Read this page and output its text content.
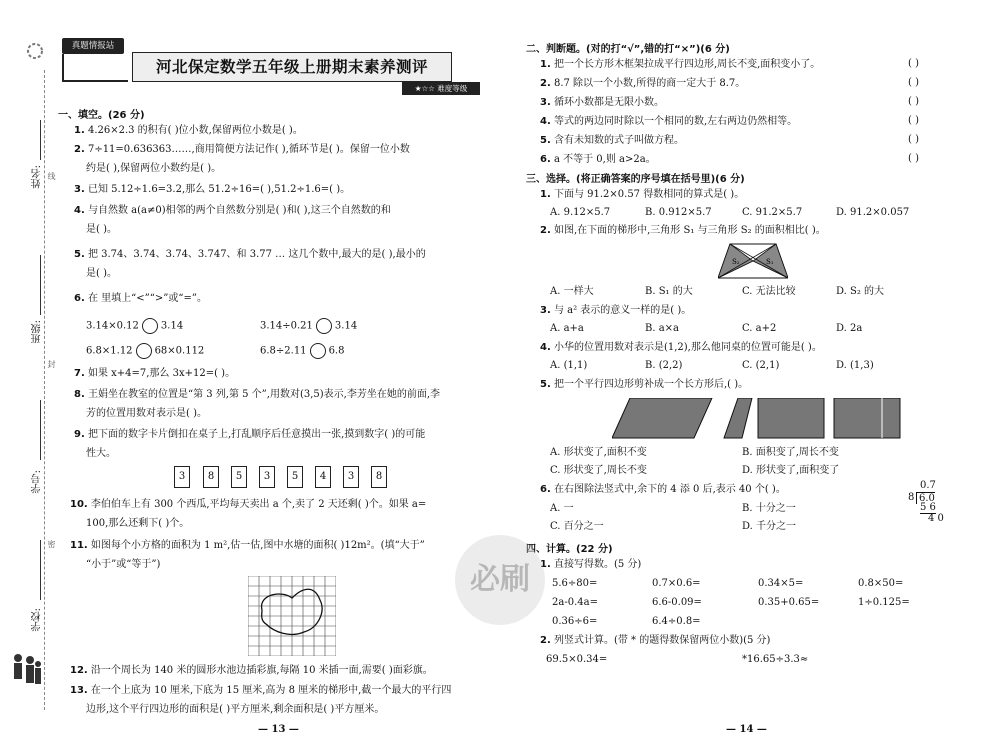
姓名:
班级:
学号:
学校:
线
封
密
真题情报站
河北保定数学五年级上册期末素养测评
★☆☆ 难度等级
一、填空。(26 分)
1. 4.26×2.3 的积有( )位小数,保留两位小数是( )。
2. 7÷11=0.636363……,商用简便方法记作( ),循环节是( )。保留一位小数
约是( ),保留两位小数约是( )。
3. 已知 5.12÷1.6=3.2,那么 51.2÷16=( ),51.2÷1.6=( )。
4. 与自然数 a(a≠0)相邻的两个自然数分别是( )和( ),这三个自然数的和
是( )。
5. 把 3.74、3.74、3.74、3.747、和 3.77 … 这几个数中,最大的是( ),最小的
是( )。
6. 在 里填上“<”“>”或“=”。
3.14×0.12 3.14	3.14÷0.21 3.14
6.8×1.12 68×0.112	6.8÷2.11 6.8
7. 如果 x+4=7,那么 3x+12=( )。
8. 王娟坐在教室的位置是“第 3 列,第 5 个”,用数对(3,5)表示,李芳坐在她的前面,李
芳的位置用数对表示是( )。
9. 把下面的数字卡片倒扣在桌子上,打乱顺序后任意摸出一张,摸到数字( )的可能
性大。
3	8	5	3	5	4	3	8
10. 李伯伯车上有 300 个西瓜,平均每天卖出 a 个,卖了 2 天还剩( )个。如果 a=
100,那么还剩下( )个。
11. 如图每个小方格的面积为 1 m²,估一估,图中水塘的面积( )12m²。(填“大于”
“小于”或“等于”)
12. 沿一个周长为 140 米的圆形水池边插彩旗,每隔 10 米插一面,需要( )面彩旗。
13. 在一个上底为 10 厘米,下底为 15 厘米,高为 8 厘米的梯形中,截一个最大的平行四
边形,这个平行四边形的面积是( )平方厘米,剩余面积是( )平方厘米。
— 13 —
二、判断题。(对的打“√”,错的打“×”)(6 分)
1. 把一个长方形木框架拉成平行四边形,周长不变,面积变小了。	( )
2. 8.7 除以一个小数,所得的商一定大于 8.7。	( )
3. 循环小数都是无限小数。	( )
4. 等式的两边同时除以一个相同的数,左右两边仍然相等。	( )
5. 含有未知数的式子叫做方程。	( )
6. a 不等于 0,则 a>2a。	( )
三、选择。(将正确答案的序号填在括号里)(6 分)
1. 下面与 91.2×0.57 得数相同的算式是( )。
A. 9.12×5.7	B. 0.912×5.7	C. 91.2×5.7	D. 91.2×0.057
2. 如图,在下面的梯形中,三角形 S₁ 与三角形 S₂ 的面积相比( )。
S₂	S₁
A. 一样大	B. S₁ 的大	C. 无法比较	D. S₂ 的大
3. 与 a² 表示的意义一样的是( )。
A. a+a	B. a×a	C. a+2	D. 2a
4. 小华的位置用数对表示是(1,2),那么他同桌的位置可能是( )。
A. (1,1)	B. (2,2)	C. (2,1)	D. (1,3)
5. 把一个平行四边形剪补成一个长方形后,( )。
A. 形状变了,面积不变	B. 面积变了,周长不变
C. 形状变了,周长不变	D. 形状变了,面积变了
6. 在右图除法竖式中,余下的 4 添 0 后,表示 40 个( )。	0.7
8 6.0
5 6
4 0
A. 一	B. 十分之一
C. 百分之一	D. 千分之一
四、计算。(22 分)
1. 直接写得数。(5 分)
5.6÷80=	0.7×0.6=	0.34×5=	0.8×50=
2a-0.4a=	6.6-0.09=	0.35+0.65=	1÷0.125=
0.36÷6=	6.4÷0.8=
2. 列竖式计算。(带 * 的题得数保留两位小数)(5 分)
69.5×0.34=	*16.65÷3.3≈
— 14 —
必刷
